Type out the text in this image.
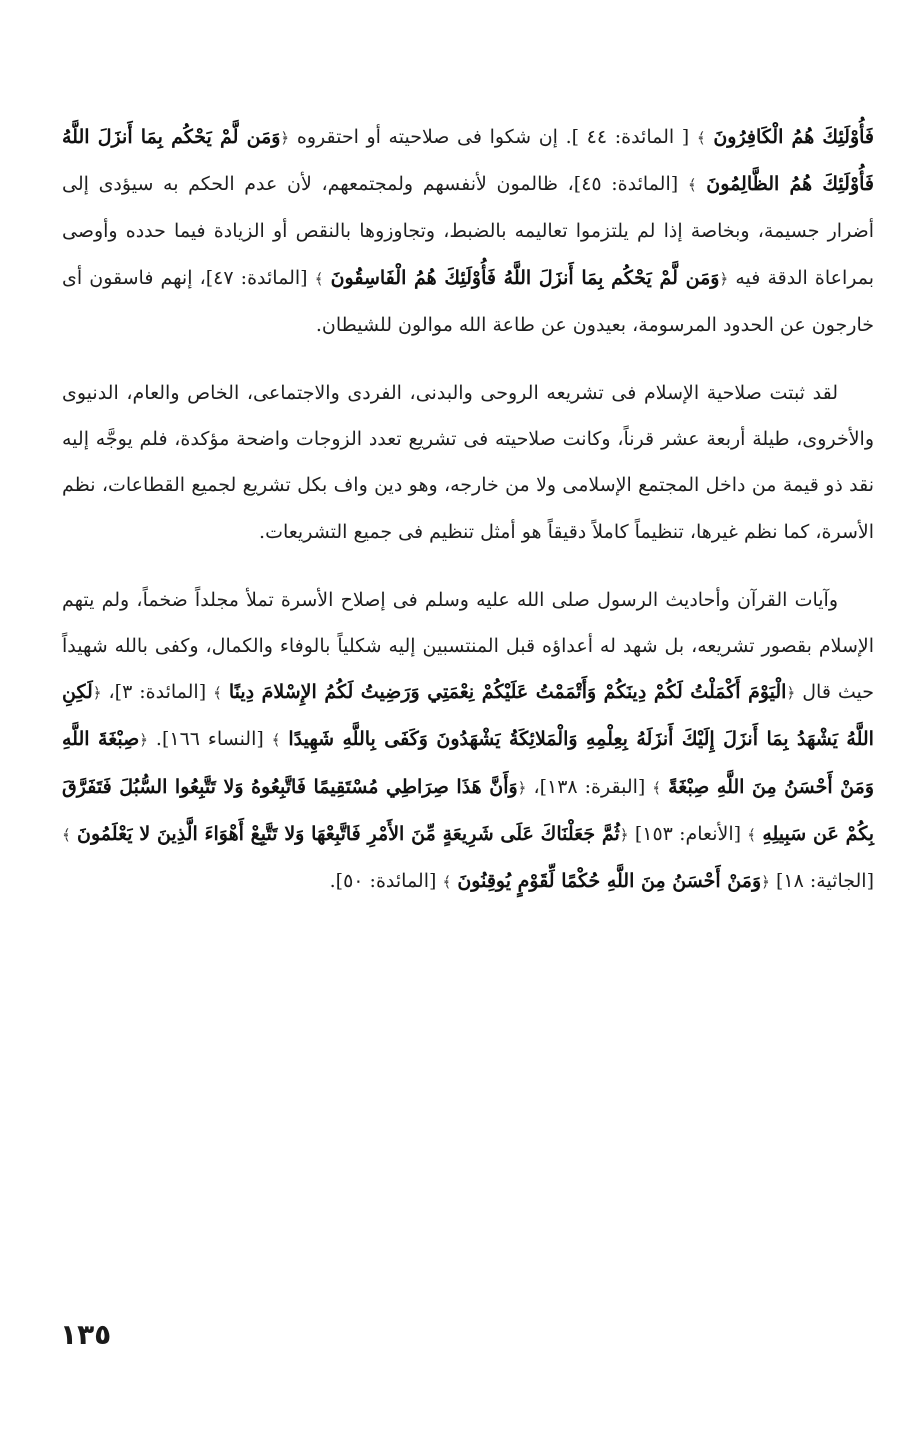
فَأُوْلَئِكَ هُمُ الْكَافِرُونَ ﴾ [ المائدة: ٤٤ ]. إن شكوا فى صلاحيته أو احتقروه ﴿وَمَن لَّمْ يَحْكُم بِمَا أَنزَلَ اللَّهُ فَأُوْلَئِكَ هُمُ الظَّالِمُونَ ﴾ [المائدة: ٤٥]، ظالمون لأنفسهم ولمجتمعهم، لأن عدم الحكم به سيؤدى إلى أضرار جسيمة، وبخاصة إذا لم يلتزموا تعاليمه بالضبط، وتجاوزوها بالنقص أو الزيادة فيما حدده وأوصى بمراعاة الدقة فيه ﴿وَمَن لَّمْ يَحْكُم بِمَا أَنزَلَ اللَّهُ فَأُوْلَئِكَ هُمُ الْفَاسِقُونَ ﴾ [المائدة: ٤٧]، إنهم فاسقون أى خارجون عن الحدود المرسومة، بعيدون عن طاعة الله موالون للشيطان.

لقد ثبتت صلاحية الإسلام فى تشريعه الروحى والبدنى، الفردى والاجتماعى، الخاص والعام، الدنيوى والأخروى، طيلة أربعة عشر قرناً، وكانت صلاحيته فى تشريع تعدد الزوجات واضحة مؤكدة، فلم يوجَّه إليه نقد ذو قيمة من داخل المجتمع الإسلامى ولا من خارجه، وهو دين واف بكل تشريع لجميع القطاعات، نظم الأسرة، كما نظم غيرها، تنظيماً كاملاً دقيقاً هو أمثل تنظيم فى جميع التشريعات.

وآيات القرآن وأحاديث الرسول صلى الله عليه وسلم فى إصلاح الأسرة تملأ مجلداً ضخماً، ولم يتهم الإسلام بقصور تشريعه، بل شهد له أعداؤه قبل المنتسبين إليه شكلياً بالوفاء والكمال، وكفى بالله شهيداً حيث قال ﴿الْيَوْمَ أَكْمَلْتُ لَكُمْ دِينَكُمْ وَأَتْمَمْتُ عَلَيْكُمْ نِعْمَتِي وَرَضِيتُ لَكُمُ الإِسْلامَ دِينًا ﴾ [المائدة: ٣]، ﴿لَكِنِ اللَّهُ يَشْهَدُ بِمَا أَنزَلَ إِلَيْكَ أَنزَلَهُ بِعِلْمِهِ وَالْمَلائِكَةُ يَشْهَدُونَ وَكَفَى بِاللَّهِ شَهِيدًا ﴾ [النساء ١٦٦]. ﴿صِبْغَةَ اللَّهِ وَمَنْ أَحْسَنُ مِنَ اللَّهِ صِبْغَةً ﴾ [البقرة: ١٣٨]، ﴿وَأَنَّ هَذَا صِرَاطِي مُسْتَقِيمًا فَاتَّبِعُوهُ وَلا تَتَّبِعُوا السُّبُلَ فَتَفَرَّقَ بِكُمْ عَن سَبِيلِهِ ﴾ [الأنعام: ١٥٣] ﴿ثُمَّ جَعَلْنَاكَ عَلَى شَرِيعَةٍ مِّنَ الأَمْرِ فَاتَّبِعْهَا وَلا تَتَّبِعْ أَهْوَاءَ الَّذِينَ لا يَعْلَمُونَ ﴾ [الجاثية: ١٨] ﴿وَمَنْ أَحْسَنُ مِنَ اللَّهِ حُكْمًا لِّقَوْمٍ يُوقِنُونَ ﴾ [المائدة: ٥٠].

١٣٥
